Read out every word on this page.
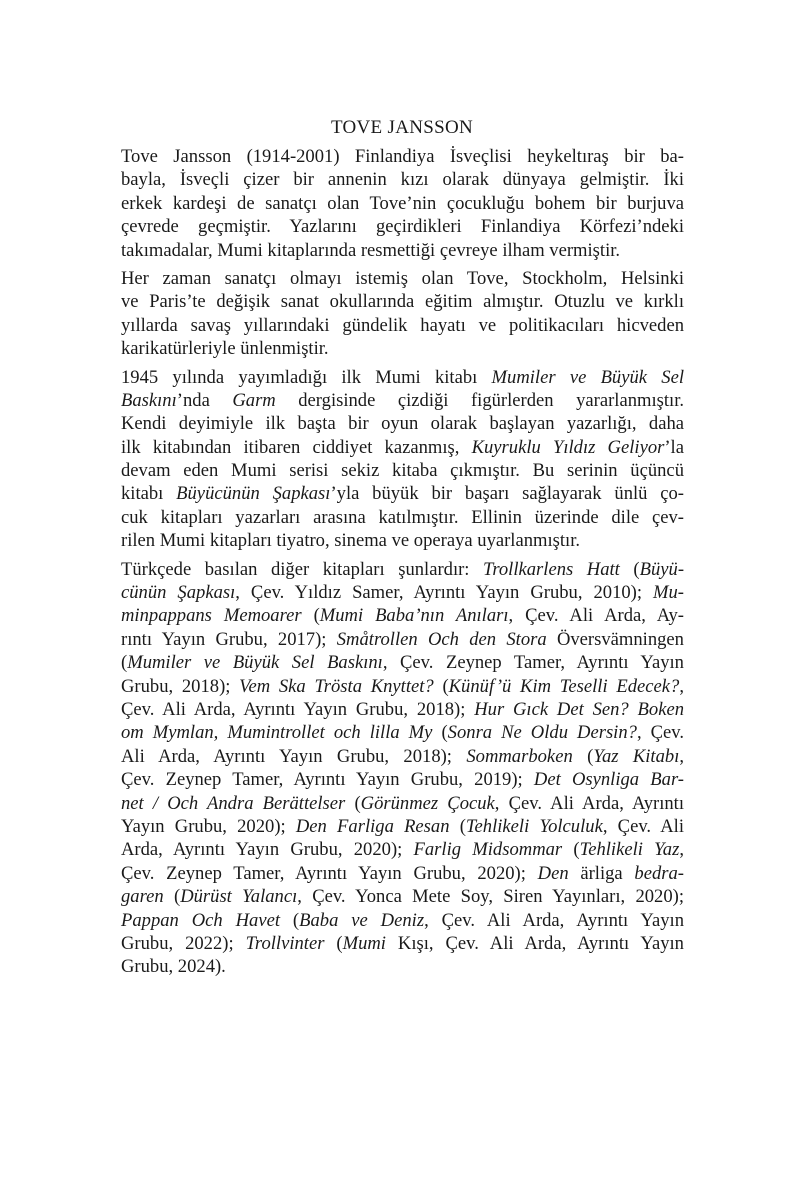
TOVE JANSSON

Tove Jansson (1914-2001) Finlandiya İsveçlisi heykeltıraş bir ba-
bayla, İsveçli çizer bir annenin kızı olarak dünyaya gelmiştir. İki
erkek kardeşi de sanatçı olan Tove’nin çocukluğu bohem bir burjuva
çevrede geçmiştir. Yazlarını geçirdikleri Finlandiya Körfezi’ndeki
takımadalar, Mumi kitaplarında resmettiği çevreye ilham vermiştir.

Her zaman sanatçı olmayı istemiş olan Tove, Stockholm, Helsinki
ve Paris’te değişik sanat okullarında eğitim almıştır. Otuzlu ve kırklı
yıllarda savaş yıllarındaki gündelik hayatı ve politikacıları hicveden
karikatürleriyle ünlenmiştir.

1945 yılında yayımladığı ilk Mumi kitabı Mumiler ve Büyük Sel
Baskını’nda Garm dergisinde çizdiği figürlerden yararlanmıştır.
Kendi deyimiyle ilk başta bir oyun olarak başlayan yazarlığı, daha
ilk kitabından itibaren ciddiyet kazanmış, Kuyruklu Yıldız Geliyor’la
devam eden Mumi serisi sekiz kitaba çıkmıştır. Bu serinin üçüncü
kitabı Büyücünün Şapkası’yla büyük bir başarı sağlayarak ünlü ço-
cuk kitapları yazarları arasına katılmıştır. Ellinin üzerinde dile çev-
rilen Mumi kitapları tiyatro, sinema ve operaya uyarlanmıştır.

Türkçede basılan diğer kitapları şunlardır: Trollkarlens Hatt (Büyü-
cünün Şapkası, Çev. Yıldız Samer, Ayrıntı Yayın Grubu, 2010); Mu-
minpappans Memoarer (Mumi Baba’nın Anıları, Çev. Ali Arda, Ay-
rıntı Yayın Grubu, 2017); Småtrollen Och den Stora Översvämningen
(Mumiler ve Büyük Sel Baskını, Çev. Zeynep Tamer, Ayrıntı Yayın
Grubu, 2018); Vem Ska Trösta Knyttet? (Künüf’ü Kim Teselli Edecek?,
Çev. Ali Arda, Ayrıntı Yayın Grubu, 2018); Hur Gıck Det Sen? Boken
om Mymlan, Mumintrollet och lilla My (Sonra Ne Oldu Dersin?, Çev.
Ali Arda, Ayrıntı Yayın Grubu, 2018); Sommarboken (Yaz Kitabı,
Çev. Zeynep Tamer, Ayrıntı Yayın Grubu, 2019); Det Osynliga Bar-
net / Och Andra Berättelser (Görünmez Çocuk, Çev. Ali Arda, Ayrıntı
Yayın Grubu, 2020); Den Farliga Resan (Tehlikeli Yolculuk, Çev. Ali
Arda, Ayrıntı Yayın Grubu, 2020); Farlig Midsommar (Tehlikeli Yaz,
Çev. Zeynep Tamer, Ayrıntı Yayın Grubu, 2020); Den ärliga bedra-
garen (Dürüst Yalancı, Çev. Yonca Mete Soy, Siren Yayınları, 2020);
Pappan Och Havet (Baba ve Deniz, Çev. Ali Arda, Ayrıntı Yayın
Grubu, 2022); Trollvinter (Mumi Kışı, Çev. Ali Arda, Ayrıntı Yayın
Grubu, 2024).
